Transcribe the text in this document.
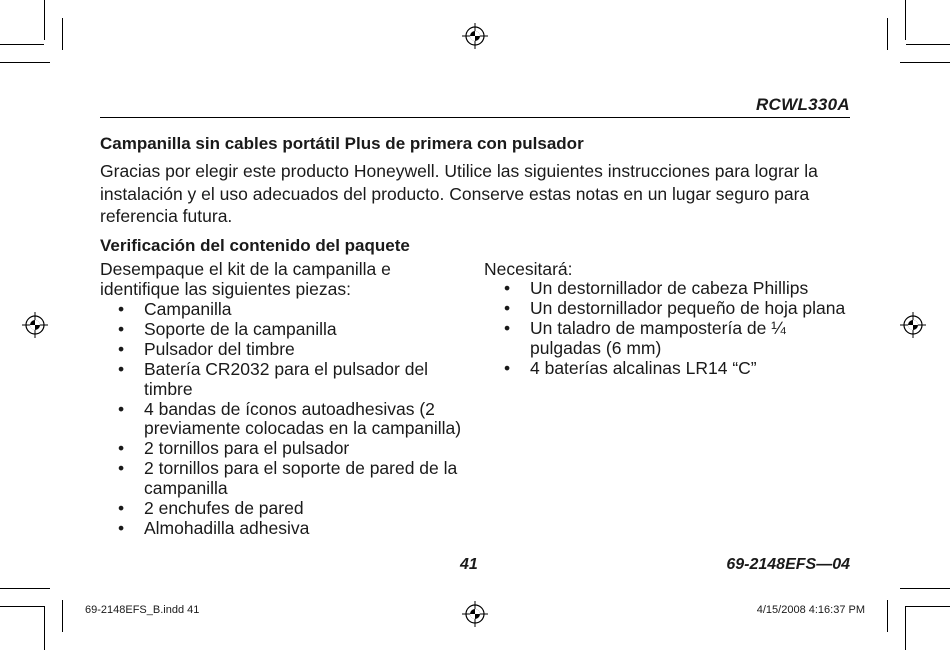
RCWL330A
Campanilla sin cables portátil Plus de primera con pulsador

Gracias por elegir este producto Honeywell. Utilice las siguientes instrucciones para lograr la instalación y el uso adecuados del producto. Conserve estas notas en un lugar seguro para referencia futura.

Verificación del contenido del paquete

Desempaque el kit de la campanilla e identifique las siguientes piezas:

• Campanilla
• Soporte de la campanilla
• Pulsador del timbre
• Batería CR2032 para el pulsador del timbre
• 4 bandas de íconos autoadhesivas (2 previamente colocadas en la campanilla)
• 2 tornillos para el pulsador
• 2 tornillos para el soporte de pared de la campanilla
• 2 enchufes de pared
• Almohadilla adhesiva

Necesitará:

• Un destornillador de cabeza Phillips
• Un destornillador pequeño de hoja plana
• Un taladro de mampostería de ¼ pulgadas (6 mm)
• 4 baterías alcalinas LR14 “C”
41	69-2148EFS—04
69-2148EFS_B.indd 41	4/15/2008 4:16:37 PM
